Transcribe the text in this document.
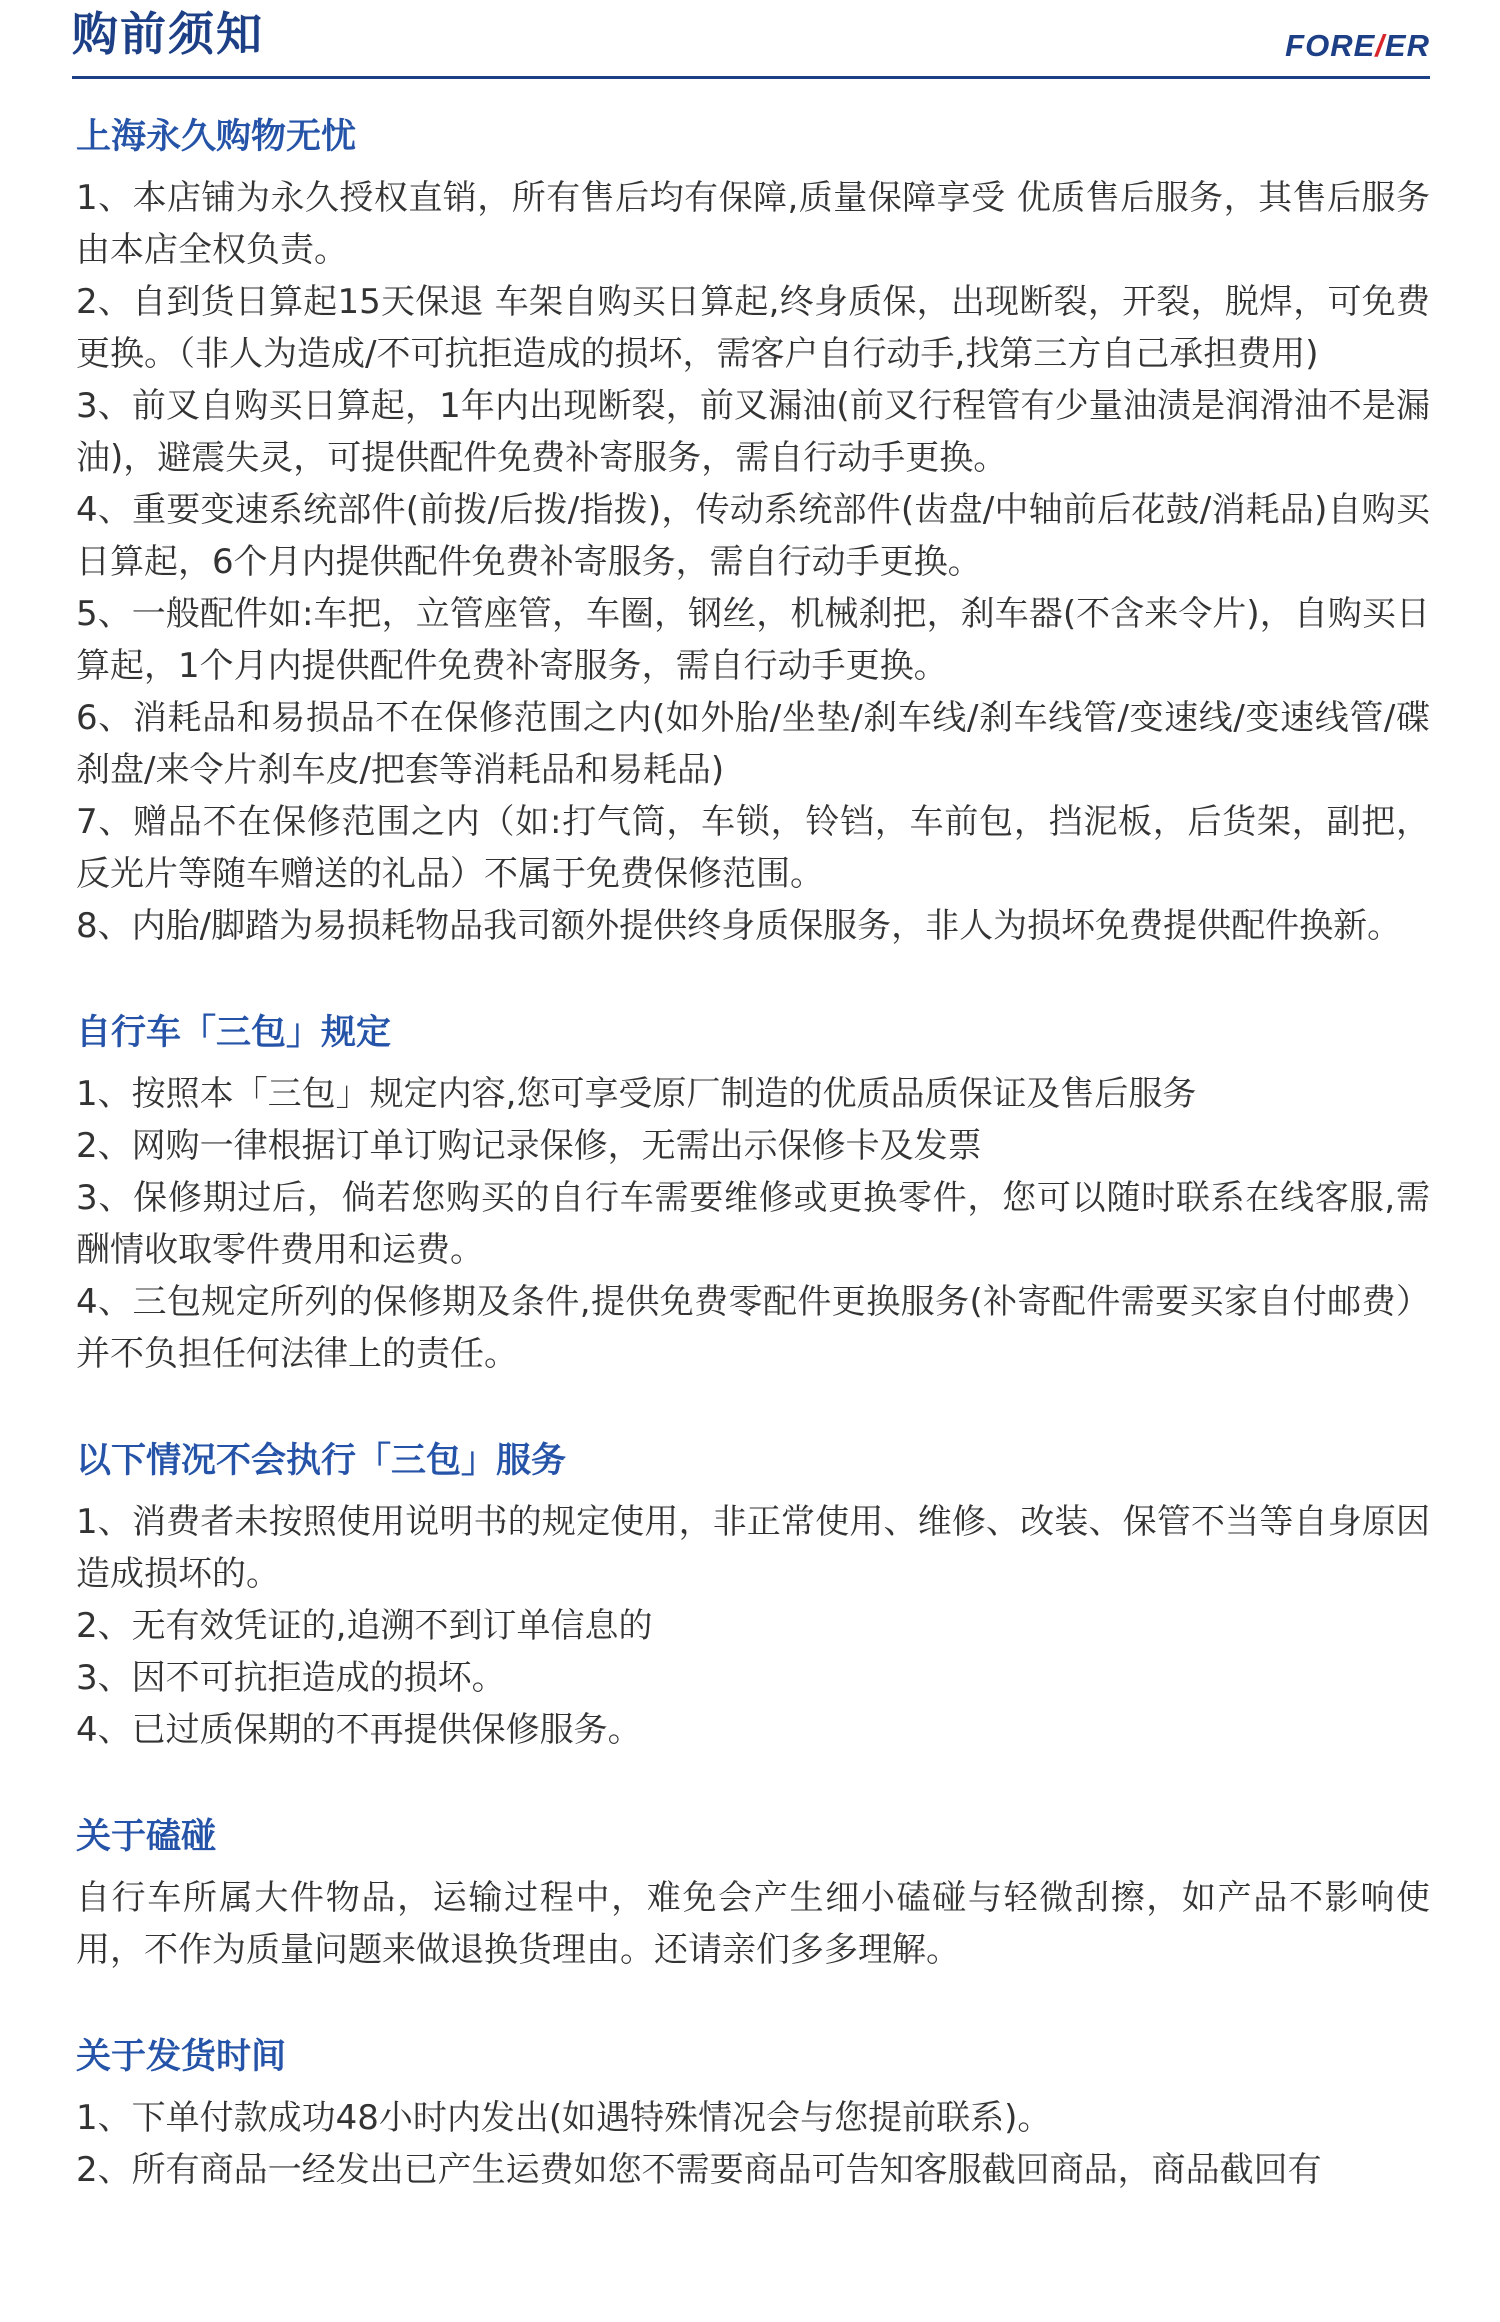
购前须知	FORE/ER
上海永久购物无忧

1、本店铺为永久授权直销，所有售后均有保障,质量保障享受 优质售后服务，其售后服务由本店全权负责。

2、自到货日算起15天保退 车架自购买日算起,终身质保，出现断裂，开裂，脱焊，可免费更换。（非人为造成/不可抗拒造成的损坏，需客户自行动手,找第三方自己承担费用)

3、前叉自购买日算起，1年内出现断裂，前叉漏油(前叉行程管有少量油渍是润滑油不是漏油)，避震失灵，可提供配件免费补寄服务，需自行动手更换。

4、重要变速系统部件(前拨/后拨/指拨)，传动系统部件(齿盘/中轴前后花鼓/消耗品)自购买日算起，6个月内提供配件免费补寄服务，需自行动手更换。

5、一般配件如:车把，立管座管，车圈，钢丝，机械刹把，刹车器(不含来令片)，自购买日算起，1个月内提供配件免费补寄服务，需自行动手更换。

6、消耗品和易损品不在保修范围之内(如外胎/坐垫/刹车线/刹车线管/变速线/变速线管/碟刹盘/来令片刹车皮/把套等消耗品和易耗品)

7、赠品不在保修范围之内（如:打气筒，车锁，铃铛，车前包，挡泥板，后货架，副把，反光片等随车赠送的礼品）不属于免费保修范围。

8、内胎/脚踏为易损耗物品我司额外提供终身质保服务，非人为损坏免费提供配件换新。

自行车「三包」规定

1、按照本「三包」规定内容,您可享受原厂制造的优质品质保证及售后服务

2、网购一律根据订单订购记录保修，无需出示保修卡及发票

3、保修期过后，倘若您购买的自行车需要维修或更换零件，您可以随时联系在线客服,需酬情收取零件费用和运费。

4、三包规定所列的保修期及条件,提供免费零配件更换服务(补寄配件需要买家自付邮费）并不负担任何法律上的责任。

以下情况不会执行「三包」服务

1、消费者未按照使用说明书的规定使用，非正常使用、维修、改装、保管不当等自身原因造成损坏的。

2、无有效凭证的,追溯不到订单信息的

3、因不可抗拒造成的损坏。

4、已过质保期的不再提供保修服务。

关于磕碰

自行车所属大件物品，运输过程中，难免会产生细小磕碰与轻微刮擦，如产品不影响使用，不作为质量问题来做退换货理由。还请亲们多多理解。

关于发货时间

1、下单付款成功48小时内发出(如遇特殊情况会与您提前联系)。

2、所有商品一经发出已产生运费如您不需要商品可告知客服截回商品，商品截回有
